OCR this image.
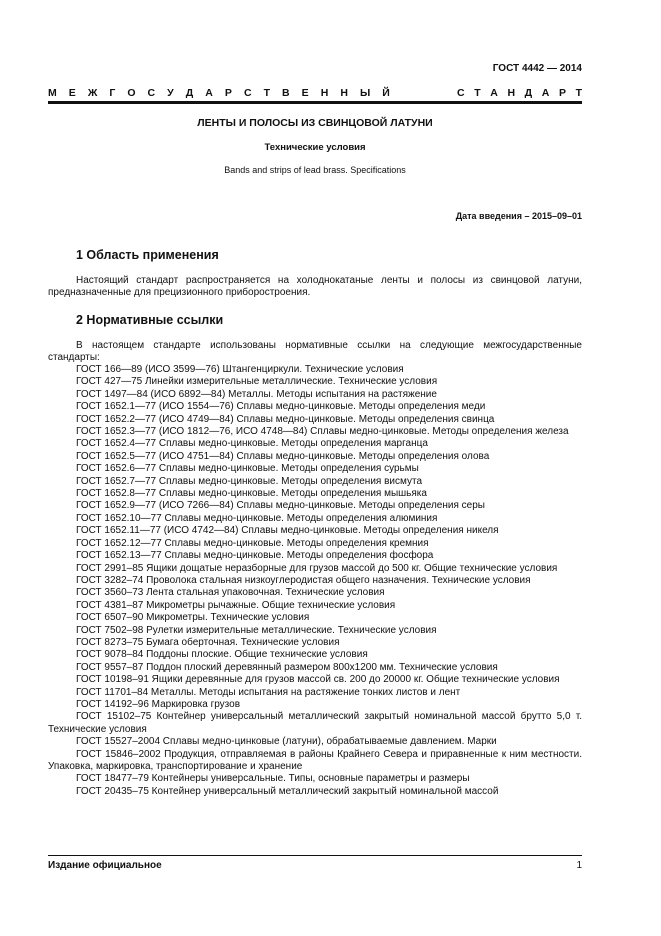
ГОСТ 4442 — 2014
М Е Ж Г О С У Д А Р С Т В Е Н Н Ы Й	С Т А Н Д А Р Т
ЛЕНТЫ И ПОЛОСЫ ИЗ СВИНЦОВОЙ ЛАТУНИ
Технические условия
Bands and strips of lead brass. Specifications
Дата введения – 2015–09–01
1 Область применения
Настоящий стандарт распространяется на холоднокатаные ленты и полосы из свинцовой латуни, предназначенные для прецизионного приборостроения.
2 Нормативные ссылки
В настоящем стандарте использованы нормативные ссылки на следующие межгосударственные стандарты:
ГОСТ 166—89 (ИСО 3599—76) Штангенциркули. Технические условия
ГОСТ 427—75 Линейки измерительные металлические. Технические условия
ГОСТ 1497—84 (ИСО 6892—84) Металлы. Методы испытания на растяжение
ГОСТ 1652.1—77 (ИСО 1554—76) Сплавы медно-цинковые. Методы определения меди
ГОСТ 1652.2—77 (ИСО 4749—84) Сплавы медно-цинковые. Методы определения свинца
ГОСТ 1652.3—77 (ИСО 1812—76, ИСО 4748—84) Сплавы медно-цинковые. Методы определения железа
ГОСТ 1652.4—77 Сплавы медно-цинковые. Методы определения марганца
ГОСТ 1652.5—77 (ИСО 4751—84) Сплавы медно-цинковые. Методы определения олова
ГОСТ 1652.6—77 Сплавы медно-цинковые. Методы определения сурьмы
ГОСТ 1652.7—77 Сплавы медно-цинковые. Методы определения висмута
ГОСТ 1652.8—77 Сплавы медно-цинковые. Методы определения мышьяка
ГОСТ 1652.9—77 (ИСО 7266—84) Сплавы медно-цинковые. Методы определения серы
ГОСТ 1652.10—77 Сплавы медно-цинковые. Методы определения алюминия
ГОСТ 1652.11—77 (ИСО 4742—84) Сплавы медно-цинковые. Методы определения никеля
ГОСТ 1652.12—77 Сплавы медно-цинковые. Методы определения кремния
ГОСТ 1652.13—77 Сплавы медно-цинковые. Методы определения фосфора
ГОСТ 2991–85 Ящики дощатые неразборные для грузов массой до 500 кг. Общие технические условия
ГОСТ 3282–74 Проволока стальная низкоуглеродистая общего назначения. Технические условия
ГОСТ 3560–73 Лента стальная упаковочная. Технические условия
ГОСТ 4381–87 Микрометры рычажные. Общие технические условия
ГОСТ 6507–90 Микрометры. Технические условия
ГОСТ 7502–98 Рулетки измерительные металлические. Технические условия
ГОСТ 8273–75 Бумага оберточная. Технические условия
ГОСТ 9078–84 Поддоны плоские. Общие технические условия
ГОСТ 9557–87 Поддон плоский деревянный размером 800х1200 мм. Технические условия
ГОСТ 10198–91 Ящики деревянные для грузов массой св. 200 до 20000 кг. Общие технические условия
ГОСТ 11701–84 Металлы. Методы испытания на растяжение тонких листов и лент
ГОСТ 14192–96 Маркировка грузов
ГОСТ 15102–75 Контейнер универсальный металлический закрытый номинальной массой брутто 5,0 т. Технические условия
ГОСТ 15527–2004 Сплавы медно-цинковые (латуни), обрабатываемые давлением. Марки
ГОСТ 15846–2002 Продукция, отправляемая в районы Крайнего Севера и приравненные к ним местности. Упаковка, маркировка, транспортирование и хранение
ГОСТ 18477–79 Контейнеры универсальные. Типы, основные параметры и размеры
ГОСТ 20435–75 Контейнер универсальный металлический закрытый номинальной массой
Издание официальное	1
